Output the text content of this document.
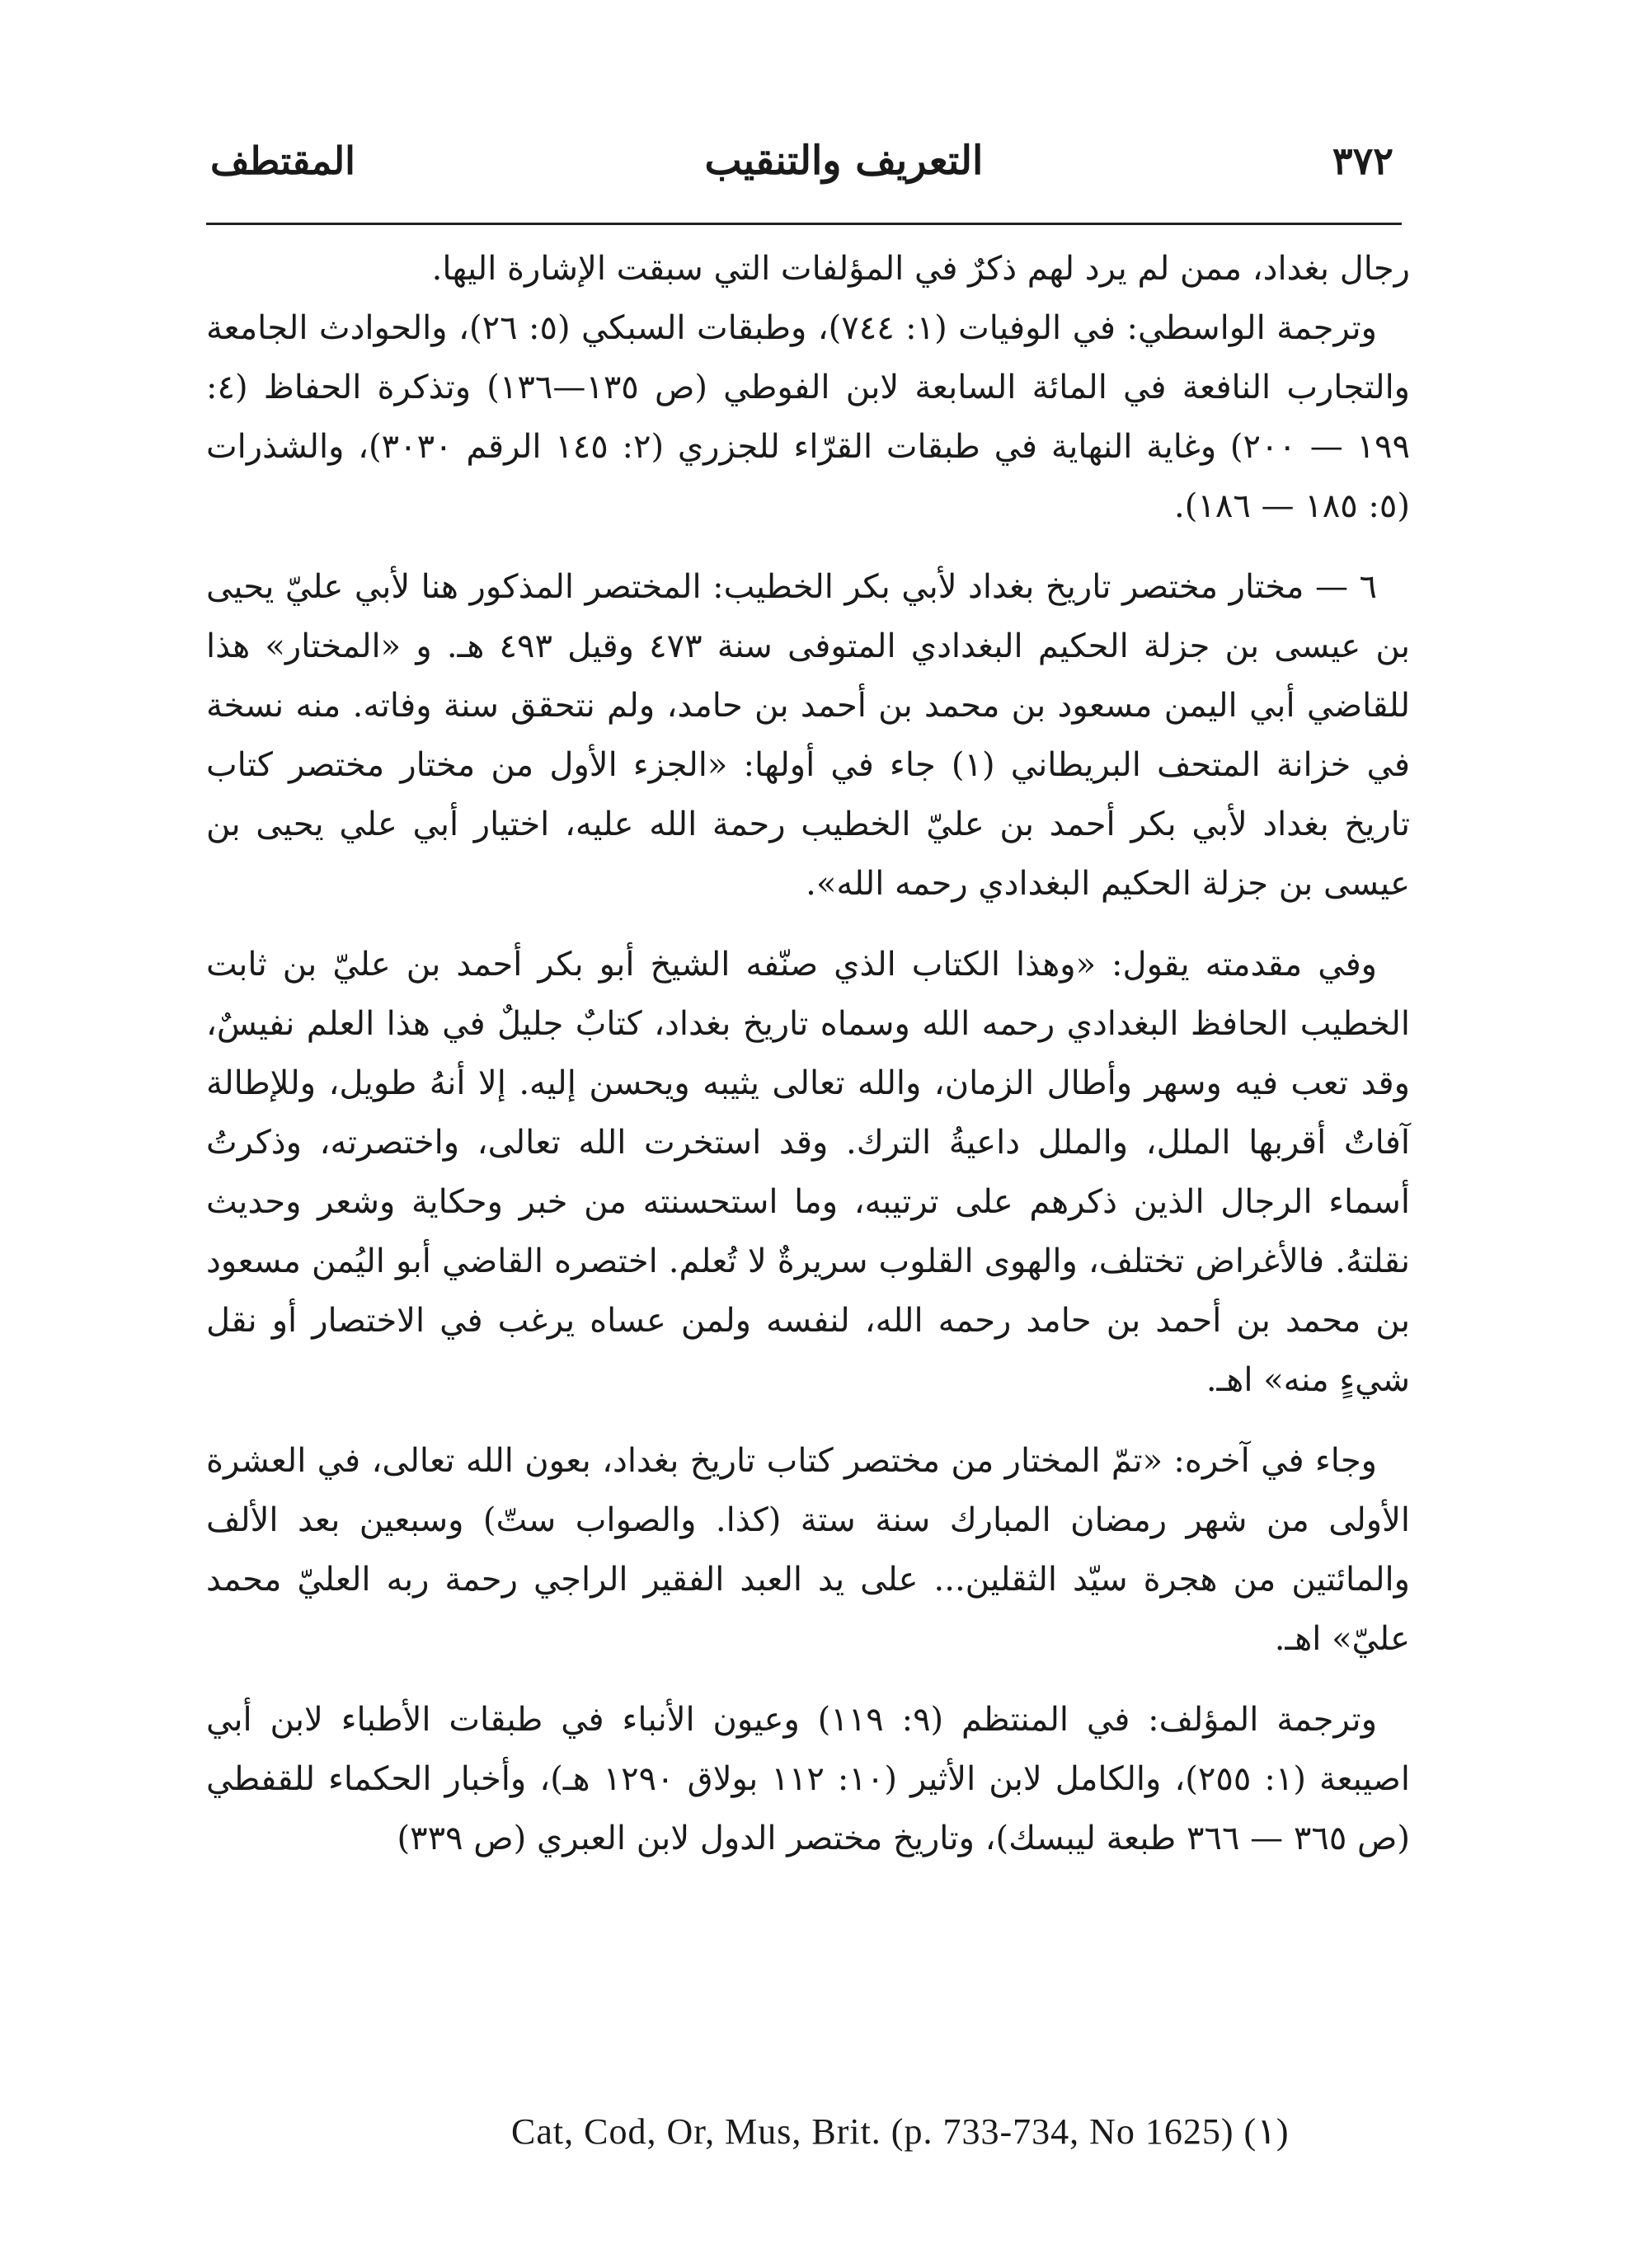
٣٧٢
التعريف والتنقيب
المقتطف

رجال بغداد، ممن لم يرد لهم ذكرٌ في المؤلفات التي سبقت الإشارة اليها.

وترجمة الواسطي: في الوفيات (١: ٧٤٤)، وطبقات السبكي (٥: ٢٦)، والحوادث الجامعة والتجارب النافعة في المائة السابعة لابن الفوطي (ص ١٣٥—١٣٦) وتذكرة الحفاظ (٤: ١٩٩ — ٢٠٠) وغاية النهاية في طبقات القرّاء للجزري (٢: ١٤٥ الرقم ٣٠٣٠)، والشذرات (٥: ١٨٥ — ١٨٦).

٦ — مختار مختصر تاريخ بغداد لأبي بكر الخطيب: المختصر المذكور هنا لأبي عليّ يحيى بن عيسى بن جزلة الحكيم البغدادي المتوفى سنة ٤٧٣ وقيل ٤٩٣ هـ. و «المختار» هذا للقاضي أبي اليمن مسعود بن محمد بن أحمد بن حامد، ولم نتحقق سنة وفاته. منه نسخة في خزانة المتحف البريطاني (١) جاء في أولها: «الجزء الأول من مختار مختصر كتاب تاريخ بغداد لأبي بكر أحمد بن عليّ الخطيب رحمة الله عليه، اختيار أبي علي يحيى بن عيسى بن جزلة الحكيم البغدادي رحمه الله».

وفي مقدمته يقول: «وهذا الكتاب الذي صنّفه الشيخ أبو بكر أحمد بن عليّ بن ثابت الخطيب الحافظ البغدادي رحمه الله وسماه تاريخ بغداد، كتابٌ جليلٌ في هذا العلم نفيسٌ، وقد تعب فيه وسهر وأطال الزمان، والله تعالى يثيبه ويحسن إليه. إلا أنهُ طويل، وللإطالة آفاتٌ أقربها الملل، والملل داعيةُ الترك. وقد استخرت الله تعالى، واختصرته، وذكرتُ أسماء الرجال الذين ذكرهم على ترتيبه، وما استحسنته من خبر وحكاية وشعر وحديث نقلتهُ. فالأغراض تختلف، والهوى القلوب سريرةٌ لا تُعلم. اختصره القاضي أبو اليُمن مسعود بن محمد بن أحمد بن حامد رحمه الله، لنفسه ولمن عساه يرغب في الاختصار أو نقل شيءٍ منه» اهـ.

وجاء في آخره: «تمّ المختار من مختصر كتاب تاريخ بغداد، بعون الله تعالى، في العشرة الأولى من شهر رمضان المبارك سنة ستة (كذا. والصواب ستّ) وسبعين بعد الألف والمائتين من هجرة سيّد الثقلين... على يد العبد الفقير الراجي رحمة ربه العليّ محمد عليّ» اهـ.

وترجمة المؤلف: في المنتظم (٩: ١١٩) وعيون الأنباء في طبقات الأطباء لابن أبي اصيبعة (١: ٢٥٥)، والكامل لابن الأثير (١٠: ١١٢ بولاق ١٢٩٠ هـ)، وأخبار الحكماء للقفطي (ص ٣٦٥ — ٣٦٦ طبعة ليبسك)، وتاريخ مختصر الدول لابن العبري (ص ٣٣٩)

Cat, Cod, Or, Mus, Brit. (p. 733-734, No 1625) (١)
